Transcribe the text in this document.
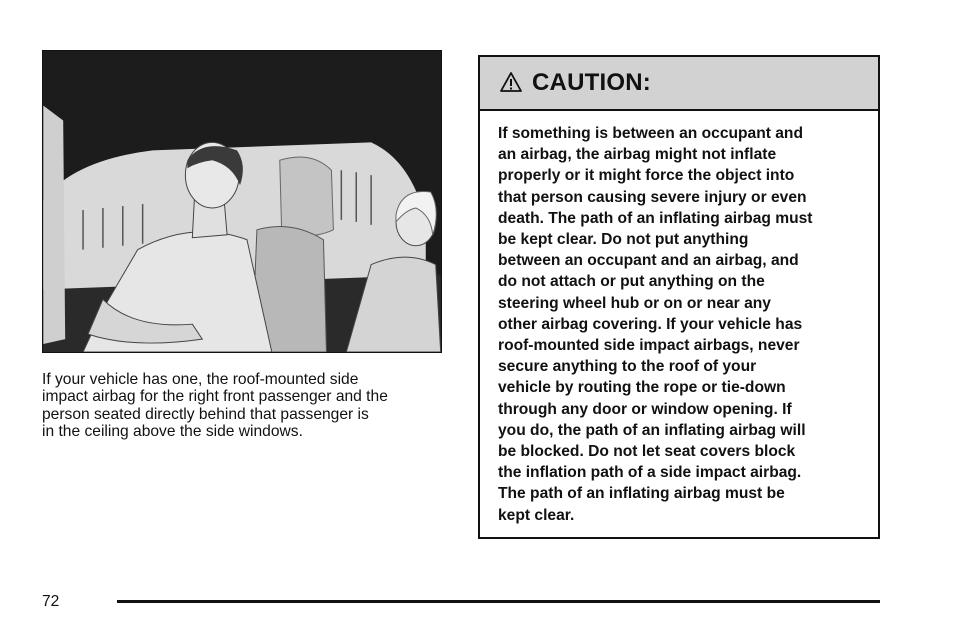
If your vehicle has one, the roof-mounted side
impact airbag for the right front passenger and the
person seated directly behind that passenger is
in the ceiling above the side windows.

CAUTION:

If something is between an occupant and
an airbag, the airbag might not inflate
properly or it might force the object into
that person causing severe injury or even
death. The path of an inflating airbag must
be kept clear. Do not put anything
between an occupant and an airbag, and
do not attach or put anything on the
steering wheel hub or on or near any
other airbag covering. If your vehicle has
roof-mounted side impact airbags, never
secure anything to the roof of your
vehicle by routing the rope or tie-down
through any door or window opening. If
you do, the path of an inflating airbag will
be blocked. Do not let seat covers block
the inflation path of a side impact airbag.
The path of an inflating airbag must be
kept clear.

72
